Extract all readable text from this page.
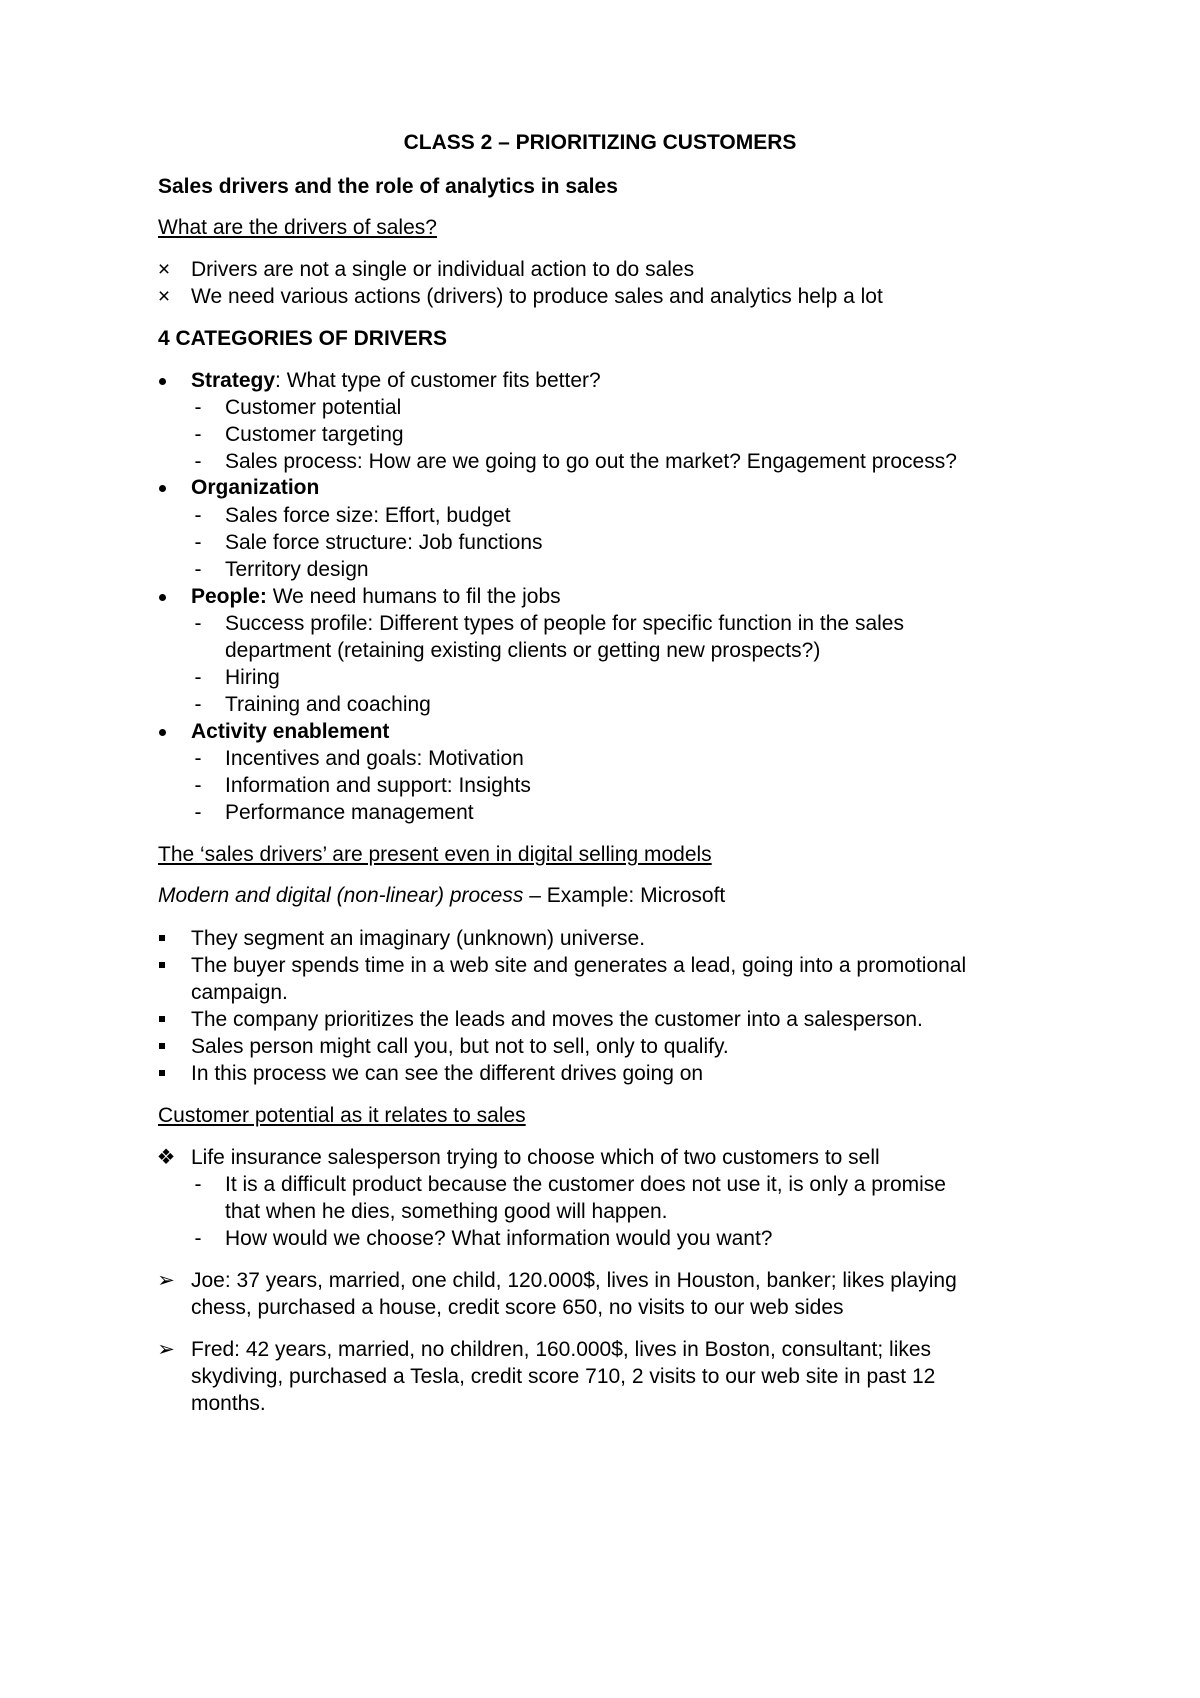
CLASS 2 – PRIORITIZING CUSTOMERS
Sales drivers and the role of analytics in sales
What are the drivers of sales?
× Drivers are not a single or individual action to do sales
× We need various actions (drivers) to produce sales and analytics help a lot
4 CATEGORIES OF DRIVERS
Strategy: What type of customer fits better?
-	Customer potential
-	Customer targeting
-	Sales process: How are we going to go out the market? Engagement process?
Organization
-	Sales force size: Effort, budget
-	Sale force structure: Job functions
-	Territory design
People: We need humans to fil the jobs
-	Success profile: Different types of people for specific function in the sales
department (retaining existing clients or getting new prospects?)
-	Hiring
-	Training and coaching
Activity enablement
-	Incentives and goals: Motivation
-	Information and support: Insights
-	Performance management
The ‘sales drivers’ are present even in digital selling models
Modern and digital (non-linear) process – Example: Microsoft
They segment an imaginary (unknown) universe.
The buyer spends time in a web site and generates a lead, going into a promotional
campaign.
The company prioritizes the leads and moves the customer into a salesperson.
Sales person might call you, but not to sell, only to qualify.
In this process we can see the different drives going on
Customer potential as it relates to sales
❖ Life insurance salesperson trying to choose which of two customers to sell
-	It is a difficult product because the customer does not use it, is only a promise
that when he dies, something good will happen.
-	How would we choose? What information would you want?
➢ Joe: 37 years, married, one child, 120.000$, lives in Houston, banker; likes playing
chess, purchased a house, credit score 650, no visits to our web sides
➢ Fred: 42 years, married, no children, 160.000$, lives in Boston, consultant; likes
skydiving, purchased a Tesla, credit score 710, 2 visits to our web site in past 12
months.
